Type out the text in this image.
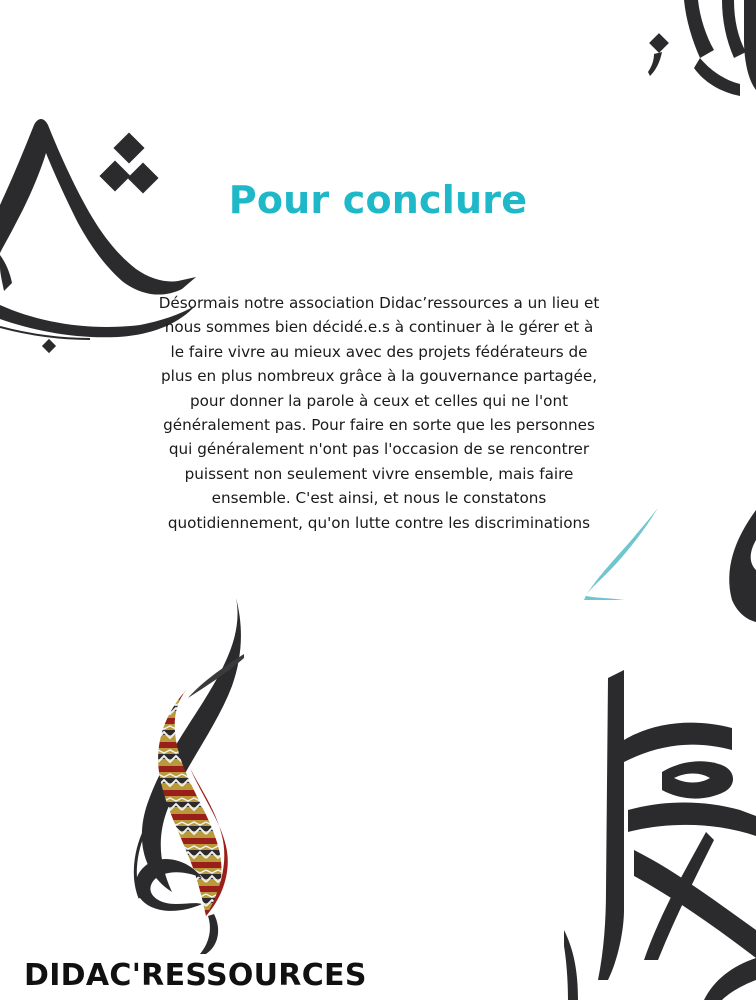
Pour conclure

Désormais notre association Didac’ressources a un lieu et nous sommes bien décidé.e.s à continuer à le gérer et à le faire vivre au mieux avec des projets fédérateurs de plus en plus nombreux grâce à la gouvernance partagée, pour donner la parole à ceux et celles qui ne l'ont généralement pas. Pour faire en sorte que les personnes qui généralement n'ont pas l'occasion de se rencontrer puissent non seulement vivre ensemble, mais faire ensemble. C'est ainsi, et nous le constatons quotidiennement, qu'on lutte contre les discriminations

DIDAC'RESSOURCES
